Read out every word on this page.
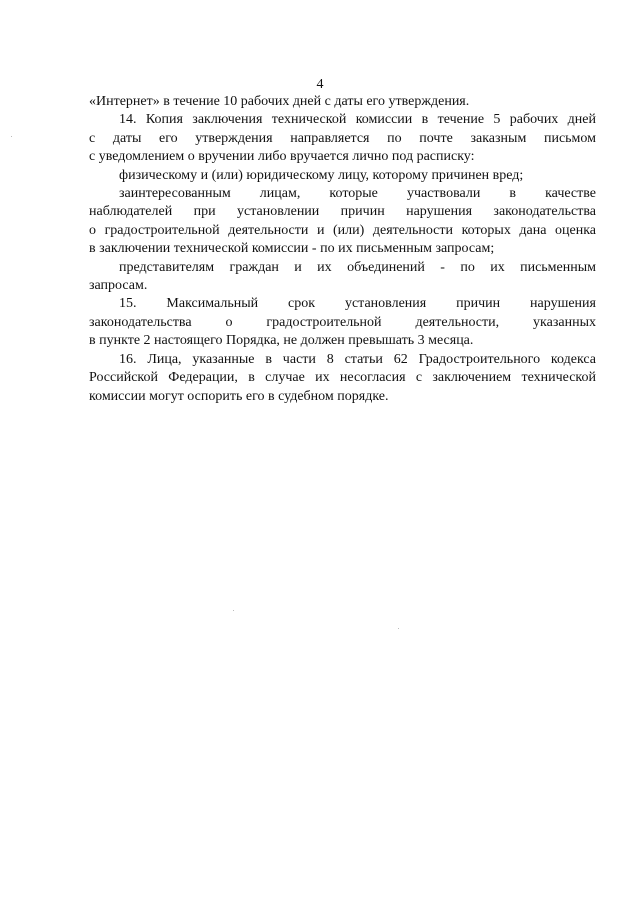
4
«Интернет» в течение 10 рабочих дней с даты его утверждения.
14. Копия заключения технической комиссии в течение 5 рабочих дней
с даты его утверждения направляется по почте заказным письмом
с уведомлением о вручении либо вручается лично под расписку:
физическому и (или) юридическому лицу, которому причинен вред;
заинтересованным лицам, которые участвовали в качестве
наблюдателей при установлении причин нарушения законодательства
о градостроительной деятельности и (или) деятельности которых дана оценка
в заключении технической комиссии - по их письменным запросам;
представителям граждан и их объединений - по их письменным
запросам.
15. Максимальный срок установления причин нарушения
законодательства о градостроительной деятельности, указанных
в пункте 2 настоящего Порядка, не должен превышать 3 месяца.
16. Лица, указанные в части 8 статьи 62 Градостроительного кодекса
Российской Федерации, в случае их несогласия с заключением технической
комиссии могут оспорить его в судебном порядке.
